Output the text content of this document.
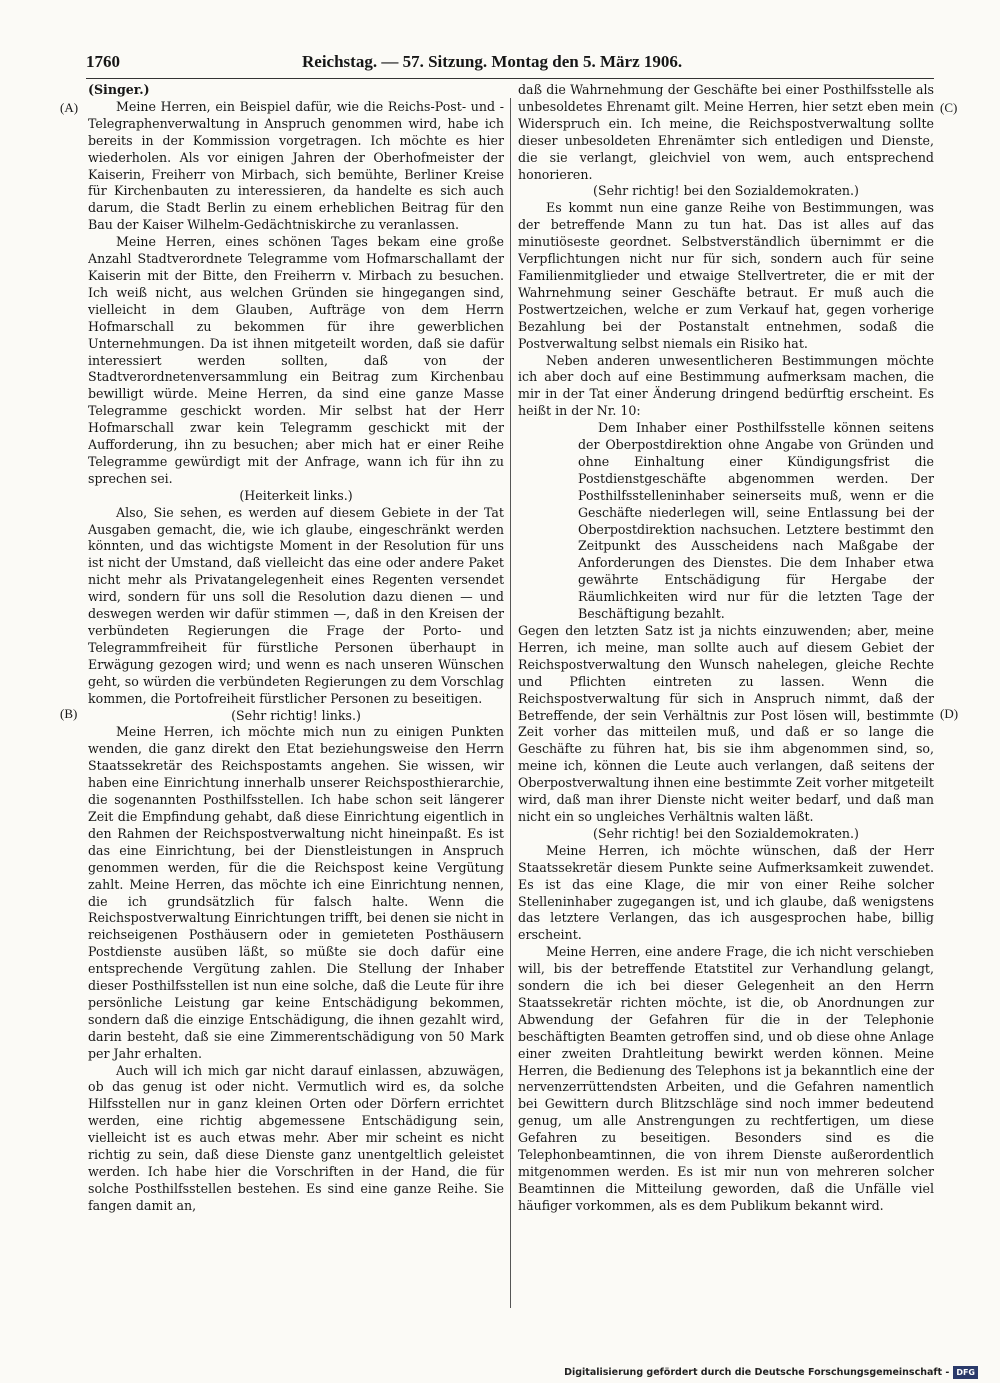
1760	Reichstag. — 57. Sitzung. Montag den 5. März 1906.
(A)
(B)
(C)
(D)

(Singer.)

Meine Herren, ein Beispiel dafür, wie die Reichs-Post- und -Telegraphenverwaltung in Anspruch genommen wird, habe ich bereits in der Kommission vorgetragen. Ich möchte es hier wiederholen. Als vor einigen Jahren der Oberhofmeister der Kaiserin, Freiherr von Mirbach, sich bemühte, Berliner Kreise für Kirchenbauten zu interessieren, da handelte es sich auch darum, die Stadt Berlin zu einem erheblichen Beitrag für den Bau der Kaiser Wilhelm-Gedächtniskirche zu veranlassen.

Meine Herren, eines schönen Tages bekam eine große Anzahl Stadtverordnete Telegramme vom Hofmarschallamt der Kaiserin mit der Bitte, den Freiherrn v. Mirbach zu besuchen. Ich weiß nicht, aus welchen Gründen sie hingegangen sind, vielleicht in dem Glauben, Aufträge von dem Herrn Hofmarschall zu bekommen für ihre gewerblichen Unternehmungen. Da ist ihnen mitgeteilt worden, daß sie dafür interessiert werden sollten, daß von der Stadtverordnetenversammlung ein Beitrag zum Kirchenbau bewilligt würde. Meine Herren, da sind eine ganze Masse Telegramme geschickt worden. Mir selbst hat der Herr Hofmarschall zwar kein Telegramm geschickt mit der Aufforderung, ihn zu besuchen; aber mich hat er einer Reihe Telegramme gewürdigt mit der Anfrage, wann ich für ihn zu sprechen sei.

(Heiterkeit links.)

Also, Sie sehen, es werden auf diesem Gebiete in der Tat Ausgaben gemacht, die, wie ich glaube, eingeschränkt werden könnten, und das wichtigste Moment in der Resolution für uns ist nicht der Umstand, daß vielleicht das eine oder andere Paket nicht mehr als Privatangelegenheit eines Regenten versendet wird, sondern für uns soll die Resolution dazu dienen — und deswegen werden wir dafür stimmen —, daß in den Kreisen der verbündeten Regierungen die Frage der Porto- und Telegrammfreiheit für fürstliche Personen überhaupt in Erwägung gezogen wird; und wenn es nach unseren Wünschen geht, so würden die verbündeten Regierungen zu dem Vorschlag kommen, die Portofreiheit fürstlicher Personen zu beseitigen.

(Sehr richtig! links.)

Meine Herren, ich möchte mich nun zu einigen Punkten wenden, die ganz direkt den Etat beziehungsweise den Herrn Staatssekretär des Reichspostamts angehen. Sie wissen, wir haben eine Einrichtung innerhalb unserer Reichsposthierarchie, die sogenannten Posthilfsstellen. Ich habe schon seit längerer Zeit die Empfindung gehabt, daß diese Einrichtung eigentlich in den Rahmen der Reichspostverwaltung nicht hineinpaßt. Es ist das eine Einrichtung, bei der Dienstleistungen in Anspruch genommen werden, für die die Reichspost keine Vergütung zahlt. Meine Herren, das möchte ich eine Einrichtung nennen, die ich grundsätzlich für falsch halte. Wenn die Reichspostverwaltung Einrichtungen trifft, bei denen sie nicht in reichseigenen Posthäusern oder in gemieteten Posthäusern Postdienste ausüben läßt, so müßte sie doch dafür eine entsprechende Vergütung zahlen. Die Stellung der Inhaber dieser Posthilfsstellen ist nun eine solche, daß die Leute für ihre persönliche Leistung gar keine Entschädigung bekommen, sondern daß die einzige Entschädigung, die ihnen gezahlt wird, darin besteht, daß sie eine Zimmerentschädigung von 50 Mark per Jahr erhalten.

Auch will ich mich gar nicht darauf einlassen, abzuwägen, ob das genug ist oder nicht. Vermutlich wird es, da solche Hilfsstellen nur in ganz kleinen Orten oder Dörfern errichtet werden, eine richtig abgemessene Entschädigung sein, vielleicht ist es auch etwas mehr. Aber mir scheint es nicht richtig zu sein, daß diese Dienste ganz unentgeltlich geleistet werden. Ich habe hier die Vorschriften in der Hand, die für solche Posthilfsstellen bestehen. Es sind eine ganze Reihe. Sie fangen damit an,

daß die Wahrnehmung der Geschäfte bei einer Posthilfsstelle als unbesoldetes Ehrenamt gilt. Meine Herren, hier setzt eben mein Widerspruch ein. Ich meine, die Reichspostverwaltung sollte dieser unbesoldeten Ehrenämter sich entledigen und Dienste, die sie verlangt, gleichviel von wem, auch entsprechend honorieren.

(Sehr richtig! bei den Sozialdemokraten.)

Es kommt nun eine ganze Reihe von Bestimmungen, was der betreffende Mann zu tun hat. Das ist alles auf das minutiöseste geordnet. Selbstverständlich übernimmt er die Verpflichtungen nicht nur für sich, sondern auch für seine Familienmitglieder und etwaige Stellvertreter, die er mit der Wahrnehmung seiner Geschäfte betraut. Er muß auch die Postwertzeichen, welche er zum Verkauf hat, gegen vorherige Bezahlung bei der Postanstalt entnehmen, sodaß die Postverwaltung selbst niemals ein Risiko hat.

Neben anderen unwesentlicheren Bestimmungen möchte ich aber doch auf eine Bestimmung aufmerksam machen, die mir in der Tat einer Änderung dringend bedürftig erscheint. Es heißt in der Nr. 10:

Dem Inhaber einer Posthilfsstelle können seitens der Oberpostdirektion ohne Angabe von Gründen und ohne Einhaltung einer Kündigungsfrist die Postdienstgeschäfte abgenommen werden. Der Posthilfsstelleninhaber seinerseits muß, wenn er die Geschäfte niederlegen will, seine Entlassung bei der Oberpostdirektion nachsuchen. Letztere bestimmt den Zeitpunkt des Ausscheidens nach Maßgabe der Anforderungen des Dienstes. Die dem Inhaber etwa gewährte Entschädigung für Hergabe der Räumlichkeiten wird nur für die letzten Tage der Beschäftigung bezahlt.

Gegen den letzten Satz ist ja nichts einzuwenden; aber, meine Herren, ich meine, man sollte auch auf diesem Gebiet der Reichspostverwaltung den Wunsch nahelegen, gleiche Rechte und Pflichten eintreten zu lassen. Wenn die Reichspostverwaltung für sich in Anspruch nimmt, daß der Betreffende, der sein Verhältnis zur Post lösen will, bestimmte Zeit vorher das mitteilen muß, und daß er so lange die Geschäfte zu führen hat, bis sie ihm abgenommen sind, so, meine ich, können die Leute auch verlangen, daß seitens der Oberpostverwaltung ihnen eine bestimmte Zeit vorher mitgeteilt wird, daß man ihrer Dienste nicht weiter bedarf, und daß man nicht ein so ungleiches Verhältnis walten läßt.

(Sehr richtig! bei den Sozialdemokraten.)

Meine Herren, ich möchte wünschen, daß der Herr Staatssekretär diesem Punkte seine Aufmerksamkeit zuwendet. Es ist das eine Klage, die mir von einer Reihe solcher Stelleninhaber zugegangen ist, und ich glaube, daß wenigstens das letztere Verlangen, das ich ausgesprochen habe, billig erscheint.

Meine Herren, eine andere Frage, die ich nicht verschieben will, bis der betreffende Etatstitel zur Verhandlung gelangt, sondern die ich bei dieser Gelegenheit an den Herrn Staatssekretär richten möchte, ist die, ob Anordnungen zur Abwendung der Gefahren für die in der Telephonie beschäftigten Beamten getroffen sind, und ob diese ohne Anlage einer zweiten Drahtleitung bewirkt werden können. Meine Herren, die Bedienung des Telephons ist ja bekanntlich eine der nervenzerrüttendsten Arbeiten, und die Gefahren namentlich bei Gewittern durch Blitzschläge sind noch immer bedeutend genug, um alle Anstrengungen zu rechtfertigen, um diese Gefahren zu beseitigen. Besonders sind es die Telephonbeamtinnen, die von ihrem Dienste außerordentlich mitgenommen werden. Es ist mir nun von mehreren solcher Beamtinnen die Mitteilung geworden, daß die Unfälle viel häufiger vorkommen, als es dem Publikum bekannt wird.

Digitalisierung gefördert durch die Deutsche Forschungsgemeinschaft - DFG
